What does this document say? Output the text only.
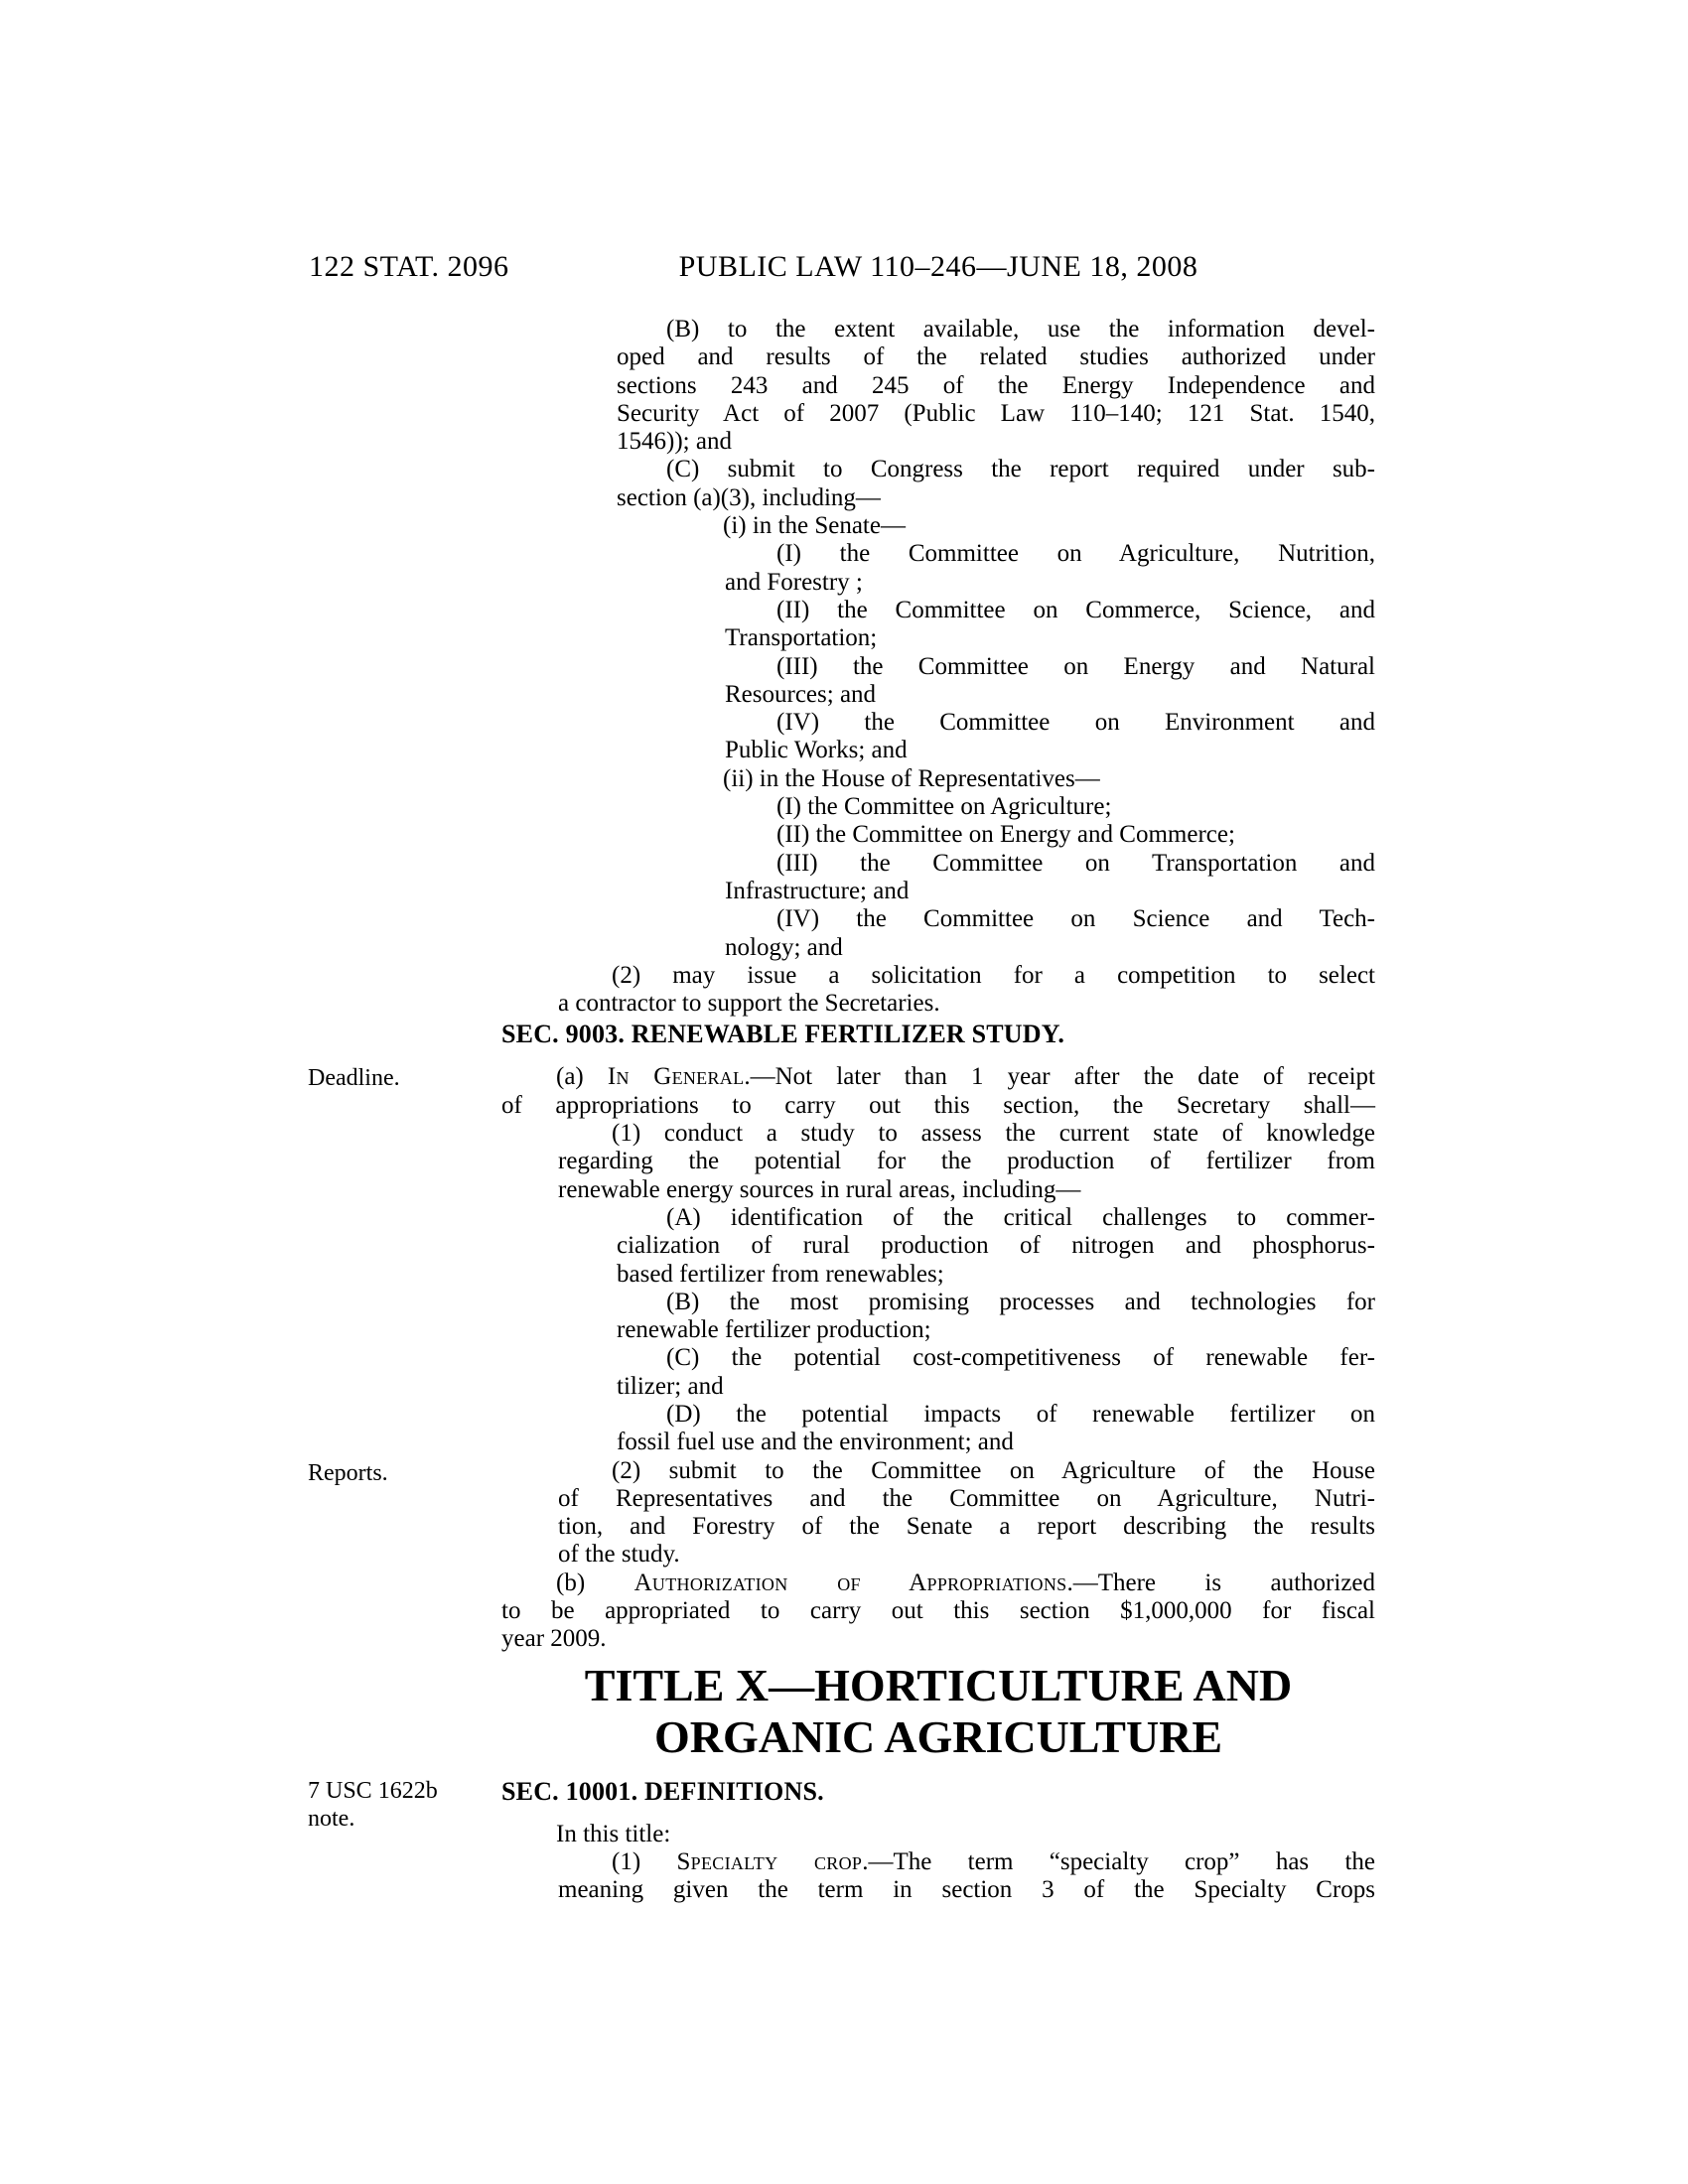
122 STAT. 2096	PUBLIC LAW 110–246—JUNE 18, 2008
Deadline.
Reports.
7 USC 1622b note.
(B) to the extent available, use the information devel-
oped and results of the related studies authorized under
sections 243 and 245 of the Energy Independence and
Security Act of 2007 (Public Law 110–140; 121 Stat. 1540,
1546)); and
(C) submit to Congress the report required under sub-
section (a)(3), including—
(i) in the Senate—
(I) the Committee on Agriculture, Nutrition,
and Forestry ;
(II) the Committee on Commerce, Science, and
Transportation;
(III) the Committee on Energy and Natural
Resources; and
(IV) the Committee on Environment and
Public Works; and
(ii) in the House of Representatives—
(I) the Committee on Agriculture;
(II) the Committee on Energy and Commerce;
(III) the Committee on Transportation and
Infrastructure; and
(IV) the Committee on Science and Tech-
nology; and
(2) may issue a solicitation for a competition to select
a contractor to support the Secretaries.
SEC. 9003. RENEWABLE FERTILIZER STUDY.
(a) In General.—Not later than 1 year after the date of receipt
of appropriations to carry out this section, the Secretary shall—
(1) conduct a study to assess the current state of knowledge
regarding the potential for the production of fertilizer from
renewable energy sources in rural areas, including—
(A) identification of the critical challenges to commer-
cialization of rural production of nitrogen and phosphorus-
based fertilizer from renewables;
(B) the most promising processes and technologies for
renewable fertilizer production;
(C) the potential cost-competitiveness of renewable fer-
tilizer; and
(D) the potential impacts of renewable fertilizer on
fossil fuel use and the environment; and
(2) submit to the Committee on Agriculture of the House
of Representatives and the Committee on Agriculture, Nutri-
tion, and Forestry of the Senate a report describing the results
of the study.
(b) Authorization of Appropriations.—There is authorized
to be appropriated to carry out this section $1,000,000 for fiscal
year 2009.
TITLE X—HORTICULTURE AND
ORGANIC AGRICULTURE
SEC. 10001. DEFINITIONS.
In this title:
(1) Specialty crop.—The term “specialty crop” has the
meaning given the term in section 3 of the Specialty Crops
